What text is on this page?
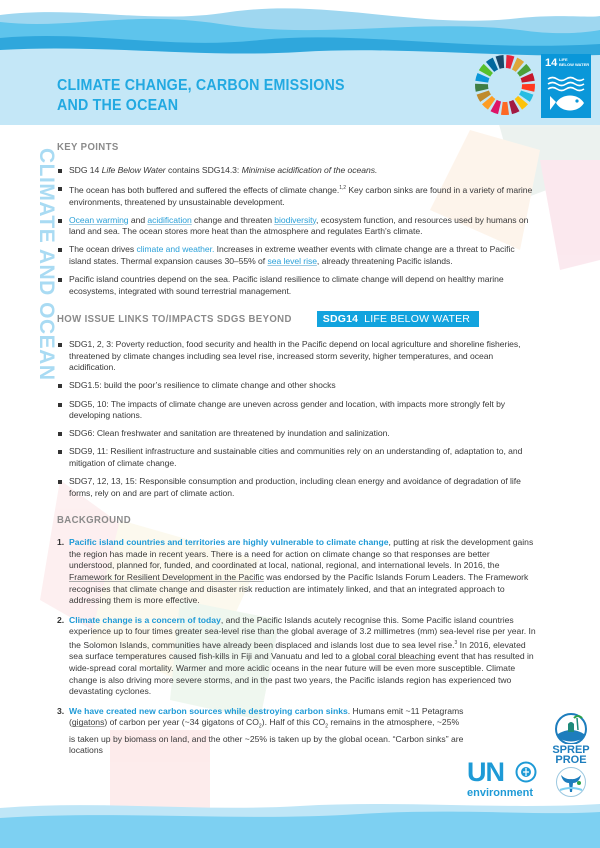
CLIMATE CHANGE, CARBON EMISSIONS
AND THE OCEAN
14 LIFE
BELOW WATER
CLIMATE AND OCEAN
KEY POINTS
SDG 14 Life Below Water contains SDG14.3: Minimise acidification of the oceans.
The ocean has both buffered and suffered the effects of climate change.$^{1,2}$ Key carbon sinks are found in a variety of marine environments, threatened by unsustainable development.
Ocean warming and acidification change and threaten biodiversity, ecosystem function, and resources used by humans on land and sea. The ocean stores more heat than the atmosphere and regulates Earth’s climate.
The ocean drives climate and weather. Increases in extreme weather events with climate change are a threat to Pacific island states. Thermal expansion causes 30–55% of sea level rise, already threatening Pacific islands.
Pacific island countries depend on the sea. Pacific island resilience to climate change will depend on healthy marine ecosystems, integrated with sound terrestrial management.
HOW ISSUE LINKS TO/IMPACTS SDGS BEYOND	SDG14 LIFE BELOW WATER
SDG1, 2, 3: Poverty reduction, food security and health in the Pacific depend on local agriculture and shoreline fisheries, threatened by climate changes including sea level rise, increased storm severity, higher temperatures, and ocean acidification.
SDG1.5: build the poor’s resilience to climate change and other shocks
SDG5, 10: The impacts of climate change are uneven across gender and location, with impacts more strongly felt by developing nations.
SDG6: Clean freshwater and sanitation are threatened by inundation and salinization.
SDG9, 11: Resilient infrastructure and sustainable cities and communities rely on an understanding of, adaptation to, and mitigation of climate change.
SDG7, 12, 13, 15: Responsible consumption and production, including clean energy and avoidance of degradation of life forms, rely on and are part of climate action.
BACKGROUND
1. Pacific island countries and territories are highly vulnerable to climate change, putting at risk the development gains the region has made in recent years. There is a need for action on climate change so that responses are better understood, planned for, funded, and coordinated at local, national, regional, and international levels. In 2016, the Framework for Resilient Development in the Pacific was endorsed by the Pacific Islands Forum Leaders. The Framework recognises that climate change and disaster risk reduction are intimately linked, and that an integrated approach to addressing them is more effective.
2. Climate change is a concern of today, and the Pacific Islands acutely recognise this. Some Pacific island countries experience up to four times greater sea-level rise than the global average of 3.2 millimetres (mm) sea-level rise per year. In the Solomon Islands, communities have already been displaced and islands lost due to sea level rise.$^3$ In 2016, elevated sea surface temperatures caused fish-kills in Fiji and Vanuatu and led to a global coral bleaching event that has resulted in wide-spread coral mortality. Warmer and more acidic oceans in the near future will be even more susceptible. Climate change is also driving more severe storms, and in the past two years, the Pacific islands region has experienced two devastating cyclones.
3. We have created new carbon sources while destroying carbon sinks. Humans emit ~11 Petagrams (gigatons) of carbon per year (~34 gigatons of $CO_2$). Half of this $CO_2$ remains in the atmosphere, ~25% is taken up by biomass on land, and the other ~25% is taken up by the global ocean. “Carbon sinks” are locations
UN
environment
SPREP
PROE
